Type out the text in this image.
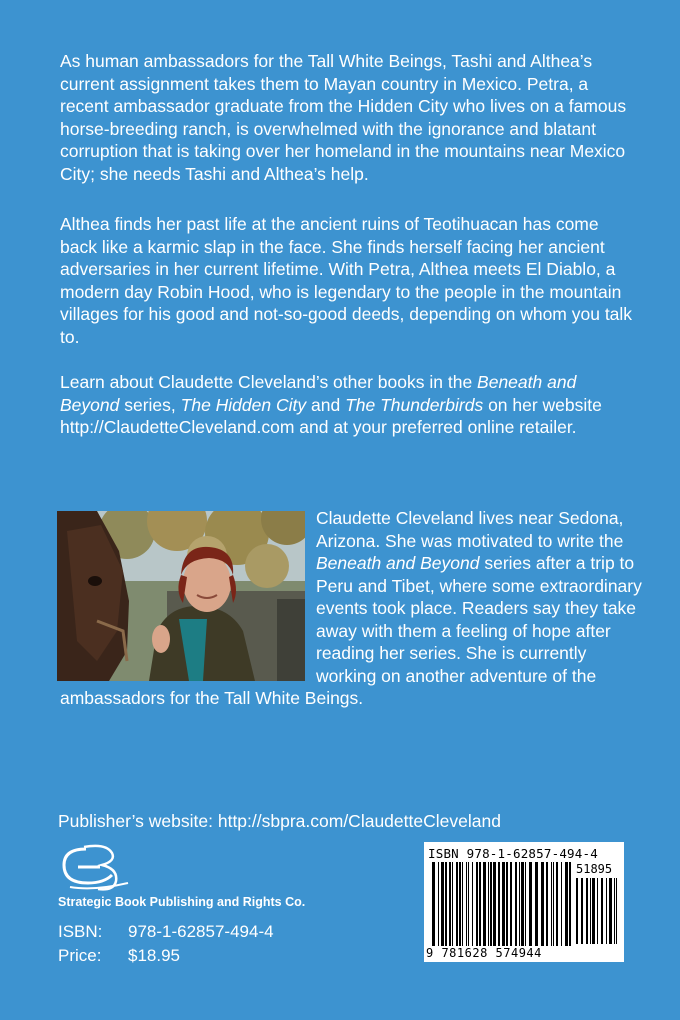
As human ambassadors for the Tall White Beings, Tashi and Althea’s current assignment takes them to Mayan country in Mexico. Petra, a recent ambassador graduate from the Hidden City who lives on a famous horse-breeding ranch, is overwhelmed with the ignorance and blatant corruption that is taking over her homeland in the mountains near Mexico City; she needs Tashi and Althea’s help.

Althea finds her past life at the ancient ruins of Teotihuacan has come back like a karmic slap in the face. She finds herself facing her ancient adversaries in her current lifetime. With Petra, Althea meets El Diablo, a modern day Robin Hood, who is legendary to the people in the mountain villages for his good and not-so-good deeds, depending on whom you talk to.

Learn about Claudette Cleveland’s other books in the Beneath and Beyond series, The Hidden City and The Thunderbirds on her website http://ClaudetteCleveland.com and at your preferred online retailer.

Claudette Cleveland lives near Sedona, Arizona. She was motivated to write the Beneath and Beyond series after a trip to Peru and Tibet, where some extraordinary events took place. Readers say they take away with them a feeling of hope after reading her series. She is currently working on another adventure of the ambassadors for the Tall White Beings.
Publisher’s website: http://sbpra.com/ClaudetteCleveland
Strategic Book Publishing and Rights Co.
ISBN: 978-1-62857-494-4
Price: $18.95
ISBN 978-1-62857-494-4
51895
9 781628 574944
